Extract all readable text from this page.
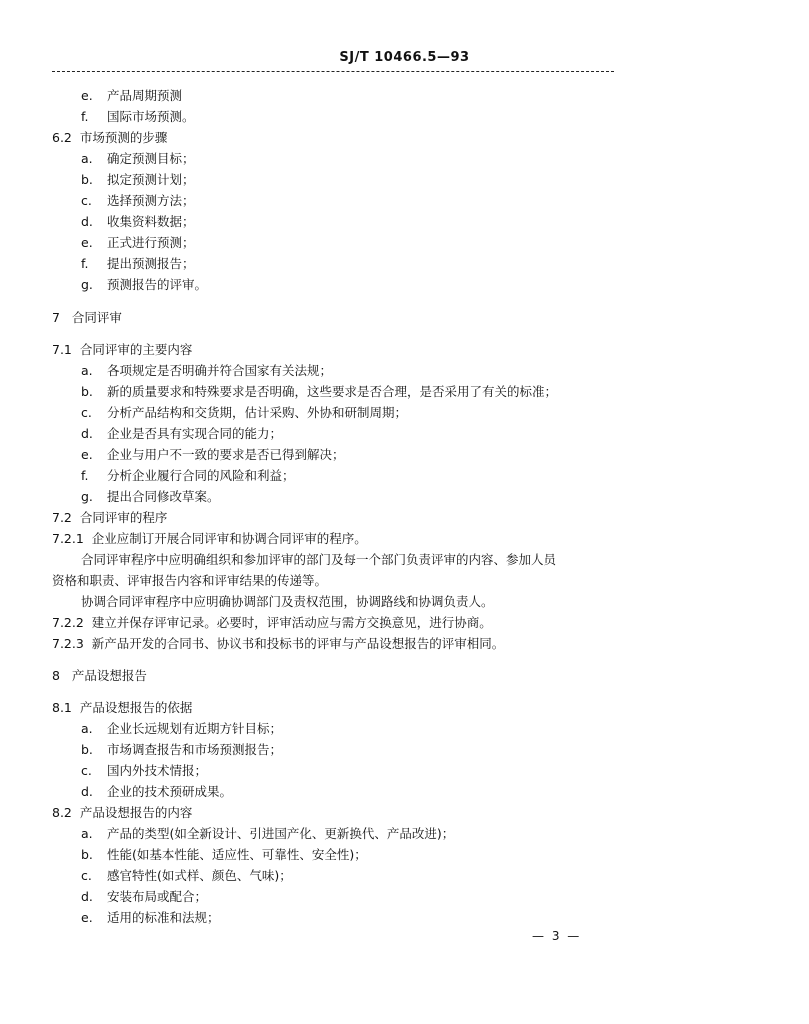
SJ/T 10466.5—93
e.	产品周期预测
f.	国际市场预测。
6.2 市场预测的步骤
a.	确定预测目标；
b.	拟定预测计划；
c.	选择预测方法；
d.	收集资料数据；
e.	正式进行预测；
f.	提出预测报告；
g.	预测报告的评审。
7 合同评审
7.1 合同评审的主要内容
a.	各项规定是否明确并符合国家有关法规；
b.	新的质量要求和特殊要求是否明确，这些要求是否合理，是否采用了有关的标准；
c.	分析产品结构和交货期，估计采购、外协和研制周期；
d.	企业是否具有实现合同的能力；
e.	企业与用户不一致的要求是否已得到解决；
f.	分析企业履行合同的风险和利益；
g.	提出合同修改草案。
7.2 合同评审的程序
7.2.1 企业应制订开展合同评审和协调合同评审的程序。
合同评审程序中应明确组织和参加评审的部门及每一个部门负责评审的内容、参加人员
资格和职责、评审报告内容和评审结果的传递等。
协调合同评审程序中应明确协调部门及责权范围，协调路线和协调负责人。
7.2.2 建立并保存评审记录。必要时，评审活动应与需方交换意见，进行协商。
7.2.3 新产品开发的合同书、协议书和投标书的评审与产品设想报告的评审相同。
8 产品设想报告
8.1 产品设想报告的依据
a.	企业长远规划有近期方针目标；
b.	市场调查报告和市场预测报告；
c.	国内外技术情报；
d.	企业的技术预研成果。
8.2 产品设想报告的内容
a.	产品的类型(如全新设计、引进国产化、更新换代、产品改进)；
b.	性能(如基本性能、适应性、可靠性、安全性)；
c.	感官特性(如式样、颜色、气味)；
d.	安装布局或配合；
e.	适用的标准和法规；
— 3 —
